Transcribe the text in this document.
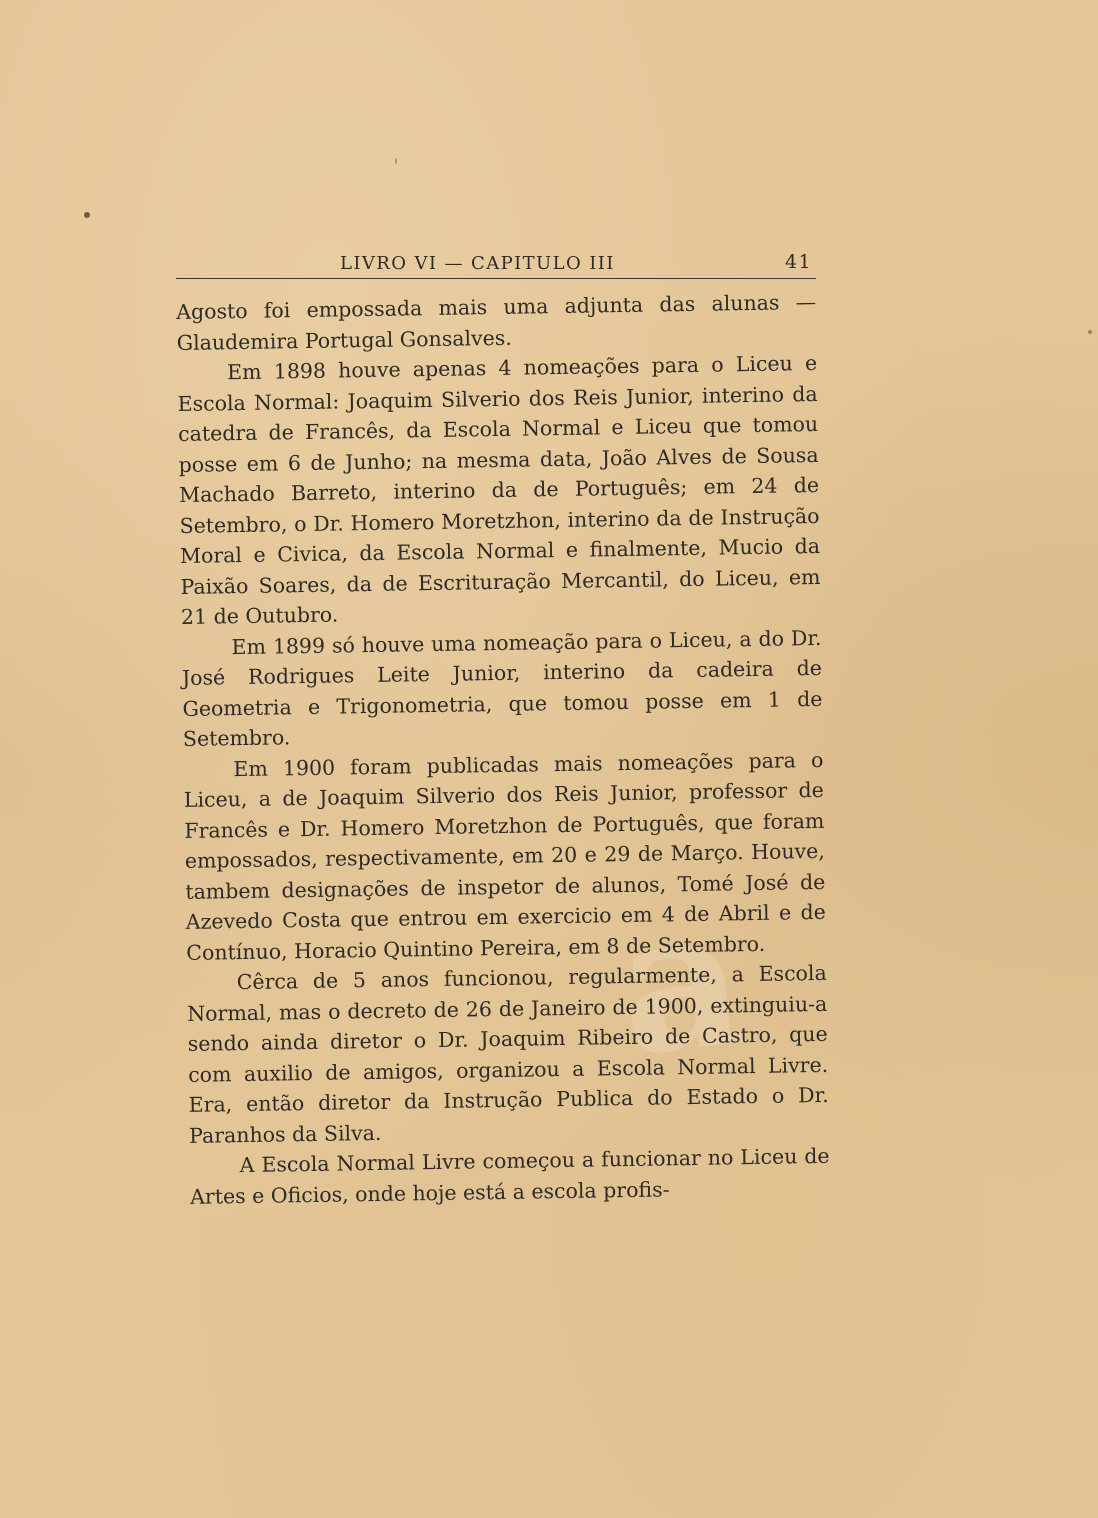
a
LIVRO VI — CAPITULO III	41

Agosto foi empossada mais uma adjunta das alunas — Glaudemira Portugal Gonsalves.

Em 1898 houve apenas 4 nomeações para o Liceu e Escola Normal: Joaquim Silverio dos Reis Junior, interino da catedra de Francês, da Escola Normal e Liceu que tomou posse em 6 de Junho; na mesma data, João Alves de Sousa Machado Barreto, interino da de Português; em 24 de Setembro, o Dr. Homero Moretzhon, interino da de Instrução Moral e Civica, da Escola Normal e finalmente, Mucio da Paixão Soares, da de Escrituração Mercantil, do Liceu, em 21 de Outubro.

Em 1899 só houve uma nomeação para o Liceu, a do Dr. José Rodrigues Leite Junior, interino da cadeira de Geometria e Trigonometria, que tomou posse em 1 de Setembro.

Em 1900 foram publicadas mais nomeações para o Liceu, a de Joaquim Silverio dos Reis Junior, professor de Francês e Dr. Homero Moretzhon de Português, que foram empossados, respectivamente, em 20 e 29 de Março. Houve, tambem designações de inspetor de alunos, Tomé José de Azevedo Costa que entrou em exercicio em 4 de Abril e de Contínuo, Horacio Quintino Pereira, em 8 de Setembro.

Cêrca de 5 anos funcionou, regularmente, a Escola Normal, mas o decreto de 26 de Janeiro de 1900, extinguiu-a sendo ainda diretor o Dr. Joaquim Ribeiro de Castro, que com auxilio de amigos, organizou a Escola Normal Livre. Era, então diretor da Instrução Publica do Estado o Dr. Paranhos da Silva.

A Escola Normal Livre começou a funcionar no Liceu de Artes e Oficios, onde hoje está a escola profis-
